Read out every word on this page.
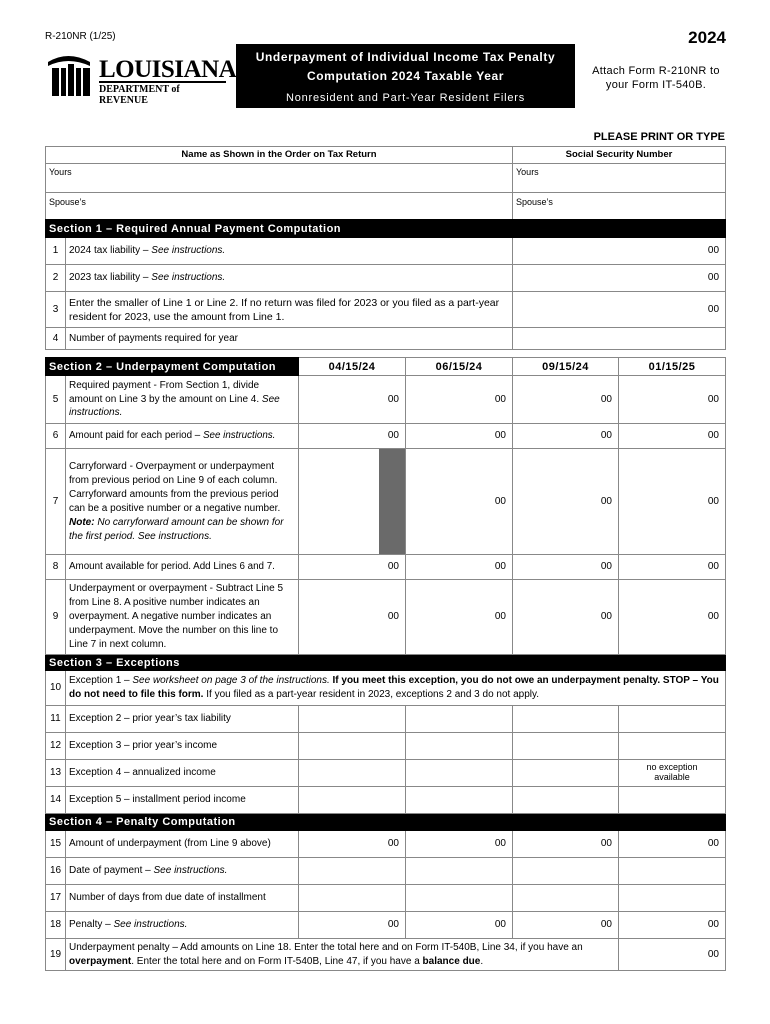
R-210NR (1/25)	2024
LOUISIANA
DEPARTMENT of REVENUE
Underpayment of Individual Income Tax Penalty
Computation 2024 Taxable Year
Nonresident and Part-Year Resident Filers
Attach Form R-210NR to
your Form IT-540B.
PLEASE PRINT OR TYPE
Name as Shown in the Order on Tax Return	Social Security Number
Yours	Yours
Spouse’s	Spouse’s
Section 1 – Required Annual Payment Computation		
1	2024 tax liability – See instructions.	00
2	2023 tax liability – See instructions.	00
3	Enter the smaller of Line 1 or Line 2. If no return was filed for 2023 or you filed as a part-year resident for 2023, use the amount from Line 1.	00
4	Number of payments required for year	
Section 2 – Underpayment Computation		04/15/24	06/15/24	09/15/24	01/15/25
5	Required payment - From Section 1, divide amount on Line 3 by the amount on Line 4. See instructions.	00	00	00	00
6	Amount paid for each period – See instructions.	00	00	00	00
7	Carryforward - Overpayment or underpayment from previous period on Line 9 of each column. Carryforward amounts from the previous period can be a positive number or a negative number. Note: No carryforward amount can be shown for the first period. See instructions.		00	00	00
8	Amount available for period. Add Lines 6 and 7.	00	00	00	00
9	Underpayment or overpayment - Subtract Line 5 from Line 8. A positive number indicates an overpayment. A negative number indicates an underpayment. Move the number on this line to Line 7 in next column.	00	00	00	00
Section 3 – Exceptions					
10	Exception 1 – See worksheet on page 3 of the instructions. If you meet this exception, you do not owe an underpayment penalty. STOP – You do not need to file this form. If you filed as a part-year resident in 2023, exceptions 2 and 3 do not apply.				
11	Exception 2 – prior year’s tax liability				
12	Exception 3 – prior year’s income				
13	Exception 4 – annualized income				no exception available
14	Exception 5 – installment period income				
Section 4 – Penalty Computation					
15	Amount of underpayment (from Line 9 above)	00	00	00	00
16	Date of payment – See instructions.				
17	Number of days from due date of installment				
18	Penalty – See instructions.	00	00	00	00
19	Underpayment penalty – Add amounts on Line 18. Enter the total here and on Form IT-540B, Line 34, if you have an overpayment. Enter the total here and on Form IT-540B, Line 47, if you have a balance due.				00
